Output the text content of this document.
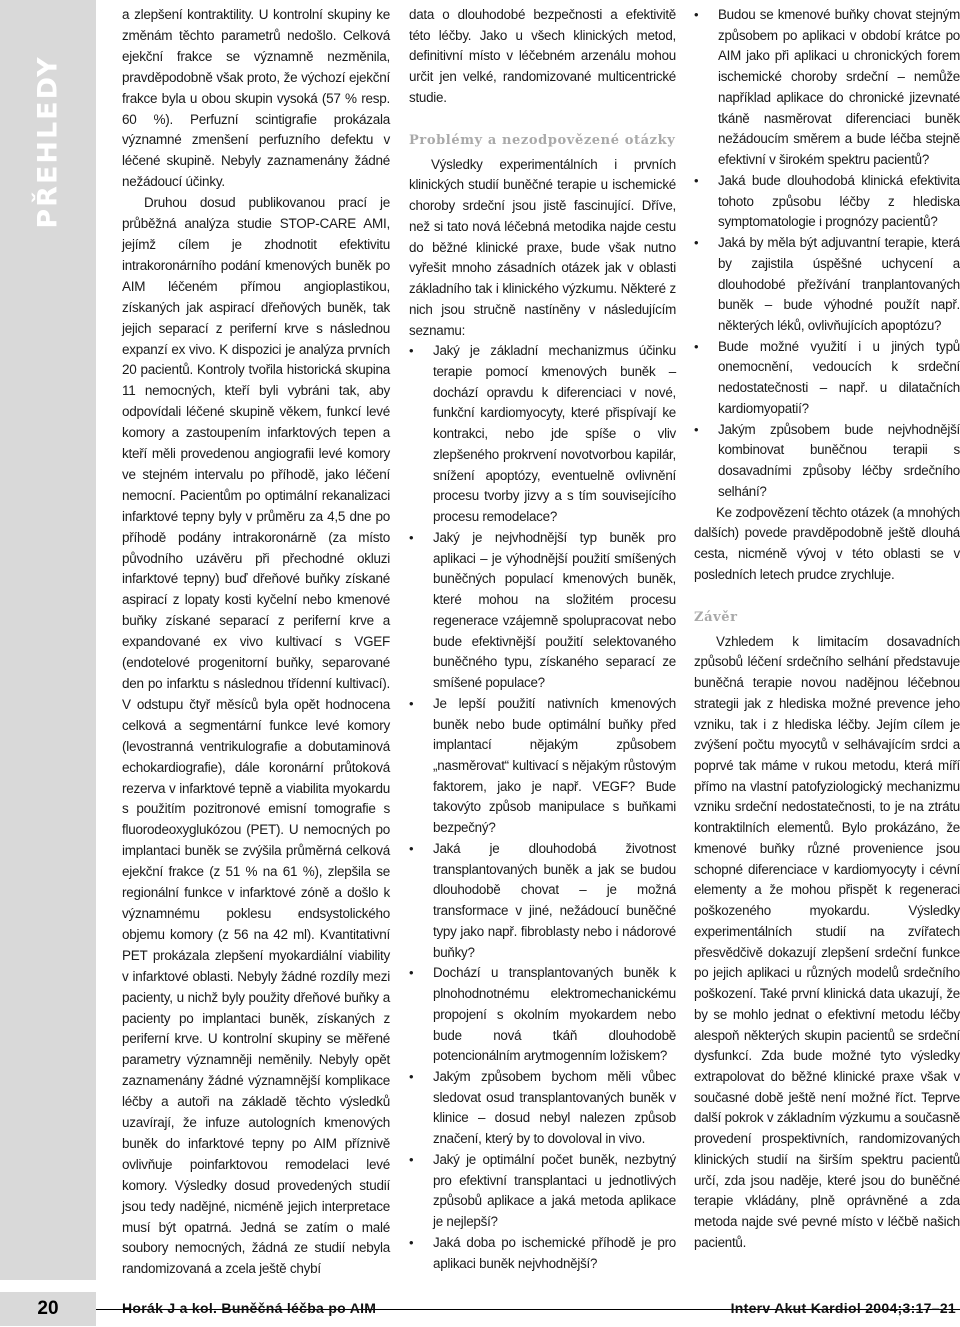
PŘEHLEDY

a zlepšení kontraktility. U kontrolní skupiny ke změnám těchto parametrů nedošlo. Celková ejekční frakce se významně nezměnila, pravděpodobně však proto, že výchozí ejekční frakce byla u obou skupin vysoká (57 % resp. 60 %). Perfuzní scintigrafie prokázala významné zmenšení perfuzního defektu v léčené skupině. Nebyly zaznamenány žádné nežádoucí účinky.

Druhou dosud publikovanou prací je průběžná analýza studie STOP-CARE AMI, jejímž cílem je zhodnotit efektivitu intrakoronárního podání kmenových buněk po AIM léčeném přímou angioplastikou, získaných jak aspirací dřeňových buněk, tak jejich separací z periferní krve s následnou expanzí ex vivo. K dispozici je analýza prvních 20 pacientů. Kontroly tvořila historická skupina 11 nemocných, kteří byli vybráni tak, aby odpovídali léčené skupině věkem, funkcí levé komory a zastoupením infarktových tepen a kteří měli provedenou angiografii levé komory ve stejném intervalu po příhodě, jako léčení nemocní. Pacientům po optimální rekanalizaci infarktové tepny byly v průměru za 4,5 dne po příhodě podány intrakoronárně (za místo původního uzávěru při přechodné okluzi infarktové tepny) buď dřeňové buňky získané aspirací z lopaty kosti kyčelní nebo kmenové buňky získané separací z periferní krve a expandované ex vivo kultivací s VGEF (endotelové progenitorní buňky, separované den po infarktu s následnou třídenní kultivací). V odstupu čtyř měsíců byla opět hodnocena celková a segmentární funkce levé komory (levostranná ventrikulografie a dobutaminová echokardiografie), dále koronární průtoková rezerva v infarktové tepně a viabilita myokardu s použitím pozitronové emisní tomografie s fluorodeoxyglukózou (PET). U nemocných po implantaci buněk se zvýšila průměrná celková ejekční frakce (z 51 % na 61 %), zlepšila se regionální funkce v infarktové zóně a došlo k významnému poklesu endsystolického objemu komory (z 56 na 42 ml). Kvantitativní PET prokázala zlepšení myokardiální viability v infarktové oblasti. Nebyly žádné rozdíly mezi pacienty, u nichž byly použity dřeňové buňky a pacienty po implantaci buněk, získaných z periferní krve. U kontrolní skupiny se měřené parametry významněji neměnily. Nebyly opět zaznamenány žádné významnější komplikace léčby a autoři na základě těchto výsledků uzavírají, že infuze autologních kmenových buněk do infarktové tepny po AIM příznivě ovlivňuje poinfarktovou remodelaci levé komory. Výsledky dosud provedených studií jsou tedy nadějné, nicméně jejich interpretace musí být opatrná. Jedná se zatím o malé soubory nemocných, žádná ze studií nebyla randomizovaná a zcela ještě chybí

data o dlouhodobé bezpečnosti a efektivitě této léčby. Jako u všech klinických metod, definitivní místo v léčebném arzenálu mohou určit jen velké, randomizované multicentrické studie.

Problémy a nezodpovězené otázky

Výsledky experimentálních i prvních klinických studií buněčné terapie u ischemické choroby srdeční jsou jistě fascinující. Dříve, než si tato nová léčebná metodika najde cestu do běžné klinické praxe, bude však nutno vyřešit mnoho zásadních otázek jak v oblasti základního tak i klinického výzkumu. Některé z nich jsou stručně nastíněny v následujícím seznamu:

• Jaký je základní mechanizmus účinku terapie pomocí kmenových buněk – dochází opravdu k diferenciaci v nové, funkční kardiomyocyty, které přispívají ke kontrakci, nebo jde spíše o vliv zlepšeného prokrvení novotvorbou kapilár, snížení apoptózy, eventuelně ovlivnění procesu tvorby jizvy a s tím souvisejícího procesu remodelace?
• Jaký je nejvhodnější typ buněk pro aplikaci – je výhodnější použití smíšených buněčných populací kmenových buněk, které mohou na složitém procesu regenerace vzájemně spolupracovat nebo bude efektivnější použití selektovaného buněčného typu, získaného separací ze smíšené populace?
• Je lepší použití nativních kmenových buněk nebo bude optimální buňky před implantací nějakým způsobem „nasměrovat“ kultivací s nějakým růstovým faktorem, jako je např. VEGF? Bude takovýto způsob manipulace s buňkami bezpečný?
• Jaká je dlouhodobá životnost transplantovaných buněk a jak se budou dlouhodobě chovat – je možná transformace v jiné, nežádoucí buněčné typy jako např. fibroblasty nebo i nádorové buňky?
• Dochází u transplantovaných buněk k plnohodnotnému elektromechanickému propojení s okolním myokardem nebo bude nová tkáň dlouhodobě potencionálním arytmogenním ložiskem?
• Jakým způsobem bychom měli vůbec sledovat osud transplantovaných buněk v klinice – dosud nebyl nalezen způsob značení, který by to dovoloval in vivo.
• Jaký je optimální počet buněk, nezbytný pro efektivní transplantaci u jednotlivých způsobů aplikace a jaká metoda aplikace je nejlepší?
• Jaká doba po ischemické příhodě je pro aplikaci buněk nejvhodnější?
• Budou se kmenové buňky chovat stejným způsobem po aplikaci v období krátce po AIM jako při aplikaci u chronických forem ischemické choroby srdeční – nemůže například aplikace do chronické jizevnaté tkáně nasměrovat diferenciaci buněk nežádoucím směrem a bude léčba stejně efektivní v širokém spektru pacientů?
• Jaká bude dlouhodobá klinická efektivita tohoto způsobu léčby z hlediska symptomatologie i prognózy pacientů?
• Jaká by měla být adjuvantní terapie, která by zajistila úspěšné uchycení a dlouhodobé přežívání tranplantovaných buněk – bude výhodné použít např. některých léků, ovlivňujících apoptózu?
• Bude možné využití i u jiných typů onemocnění, vedoucích k srdeční nedostatečnosti – např. u dilatačních kardiomyopatií?
• Jakým způsobem bude nejvhodnější kombinovat buněčnou terapii s dosavadními způsoby léčby srdečního selhání?

Ke zodpovězení těchto otázek (a mnohých dalších) povede pravděpodobně ještě dlouhá cesta, nicméně vývoj v této oblasti se v posledních letech prudce zrychluje.

Závěr

Vzhledem k limitacím dosavadních způsobů léčení srdečního selhání představuje buněčná terapie novou nadějnou léčebnou strategii jak z hlediska možné prevence jeho vzniku, tak i z hlediska léčby. Jejím cílem je zvýšení počtu myocytů v selhávajícím srdci a poprvé tak máme v rukou metodu, která míří přímo na vlastní patofyziologický mechanizmu vzniku srdeční nedostatečnosti, to je na ztrátu kontraktilních elementů. Bylo prokázáno, že kmenové buňky různé provenience jsou schopné diferenciace v kardiomyocyty i cévní elementy a že mohou přispět k regeneraci poškozeného myokardu. Výsledky experimentálních studií na zvířatech přesvědčivě dokazují zlepšení srdeční funkce po jejich aplikaci u různých modelů srdečního poškození. Také první klinická data ukazují, že by se mohlo jednat o efektivní metodu léčby alespoň některých skupin pacientů se srdeční dysfunkcí. Zda bude možné tyto výsledky extrapolovat do běžné klinické praxe však v současné době ještě není možné říct. Teprve další pokrok v základním výzkumu a současně provedení prospektivních, randomizovaných klinických studií na širším spektru pacientů určí, zda jsou naděje, které jsou do buněčné terapie vkládány, plně oprávněné a zda metoda najde své pevné místo v léčbě našich pacientů.

20	Horák J a kol. Buněčná léčba po AIM	Interv Akut Kardiol 2004;3:17–21
